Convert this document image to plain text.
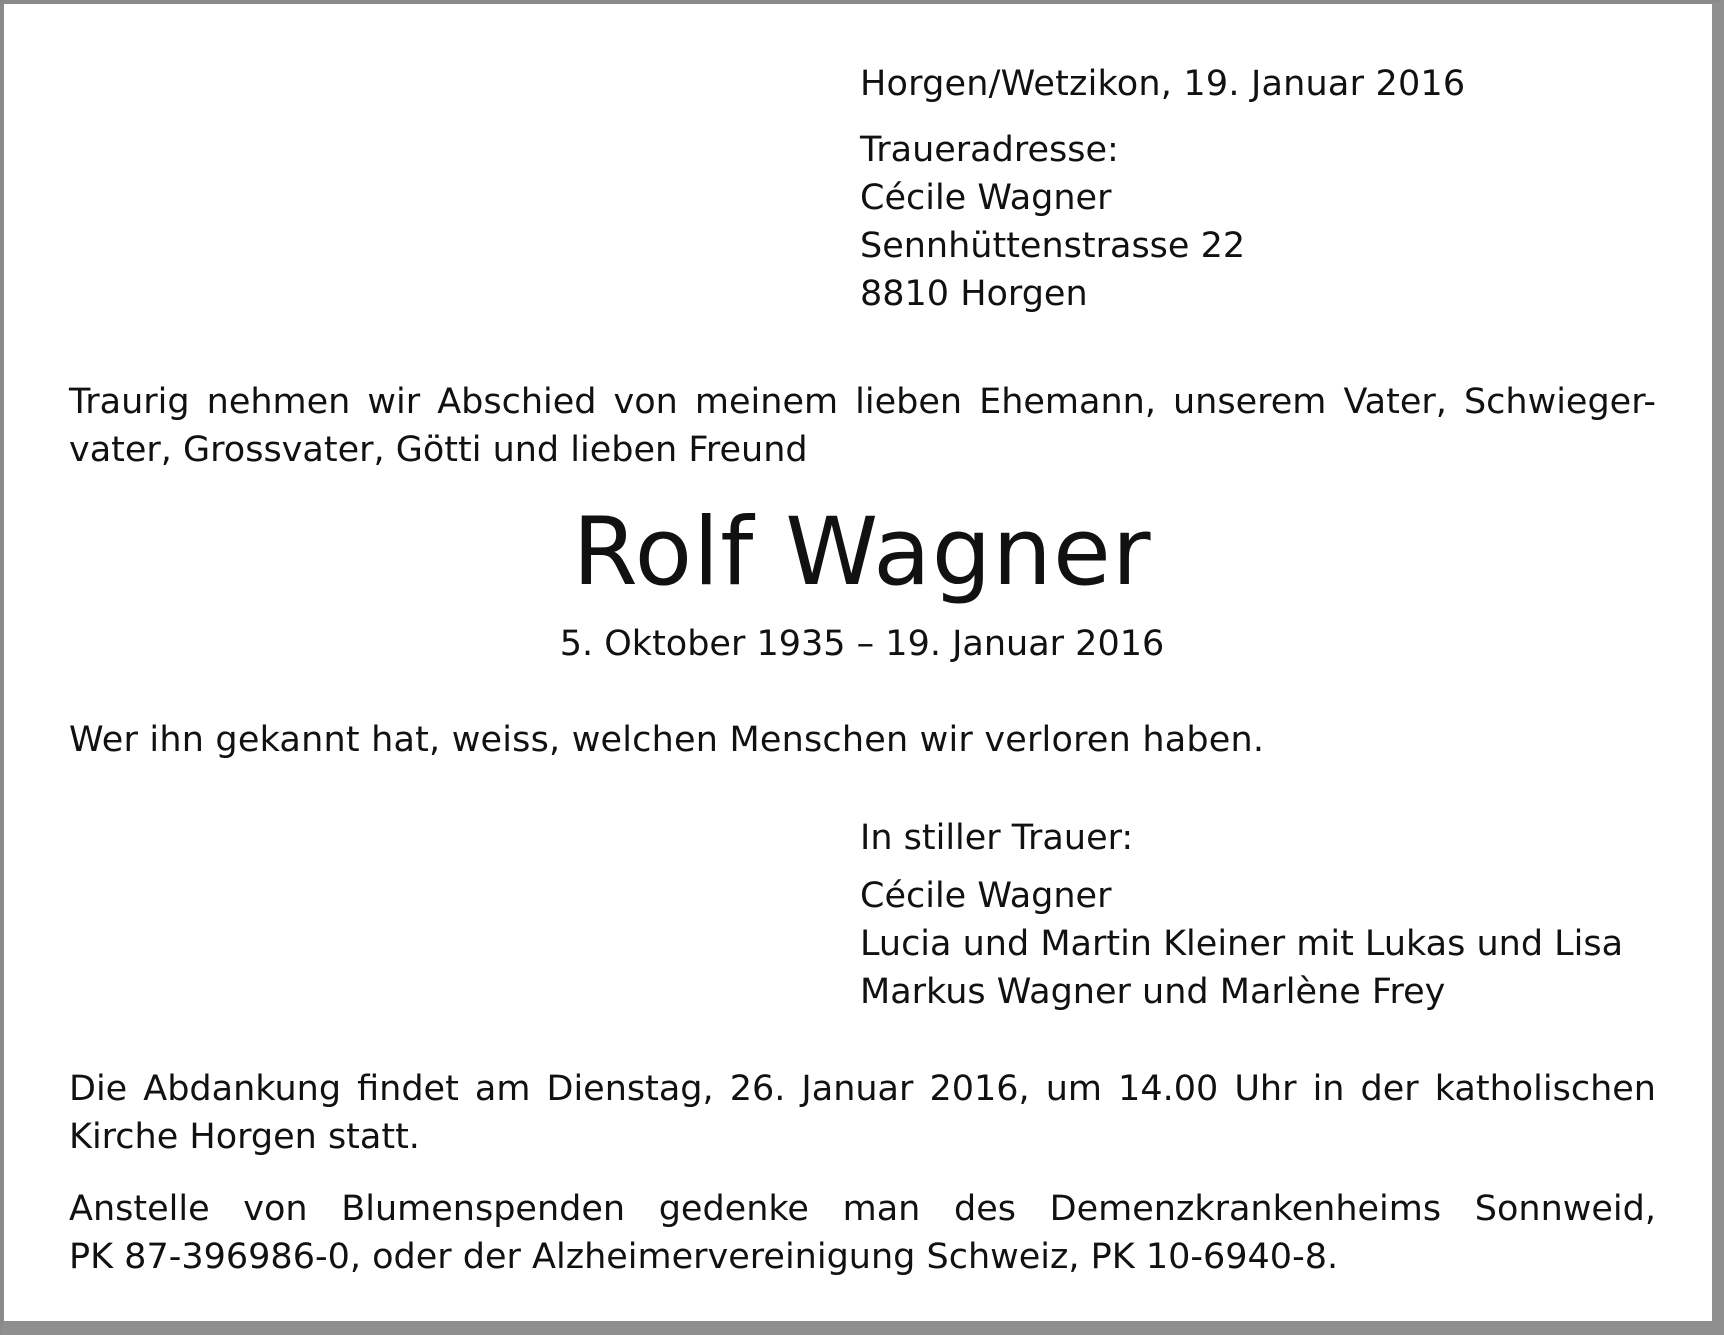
Horgen/Wetzikon, 19. Januar 2016
Traueradresse:
Cécile Wagner
Sennhüttenstrasse 22
8810 Horgen
Traurig nehmen wir Abschied von meinem lieben Ehemann, unserem Vater, Schwieger-
vater, Grossvater, Götti und lieben Freund
Rolf Wagner
5. Oktober 1935 – 19. Januar 2016
Wer ihn gekannt hat, weiss, welchen Menschen wir verloren haben.
In stiller Trauer:
Cécile Wagner
Lucia und Martin Kleiner mit Lukas und Lisa
Markus Wagner und Marlène Frey
Die Abdankung findet am Dienstag, 26. Januar 2016, um 14.00 Uhr in der katholischen
Kirche Horgen statt.
Anstelle von Blumenspenden gedenke man des Demenzkrankenheims Sonnweid,
PK 87-396986-0, oder der Alzheimervereinigung Schweiz, PK 10-6940-8.
